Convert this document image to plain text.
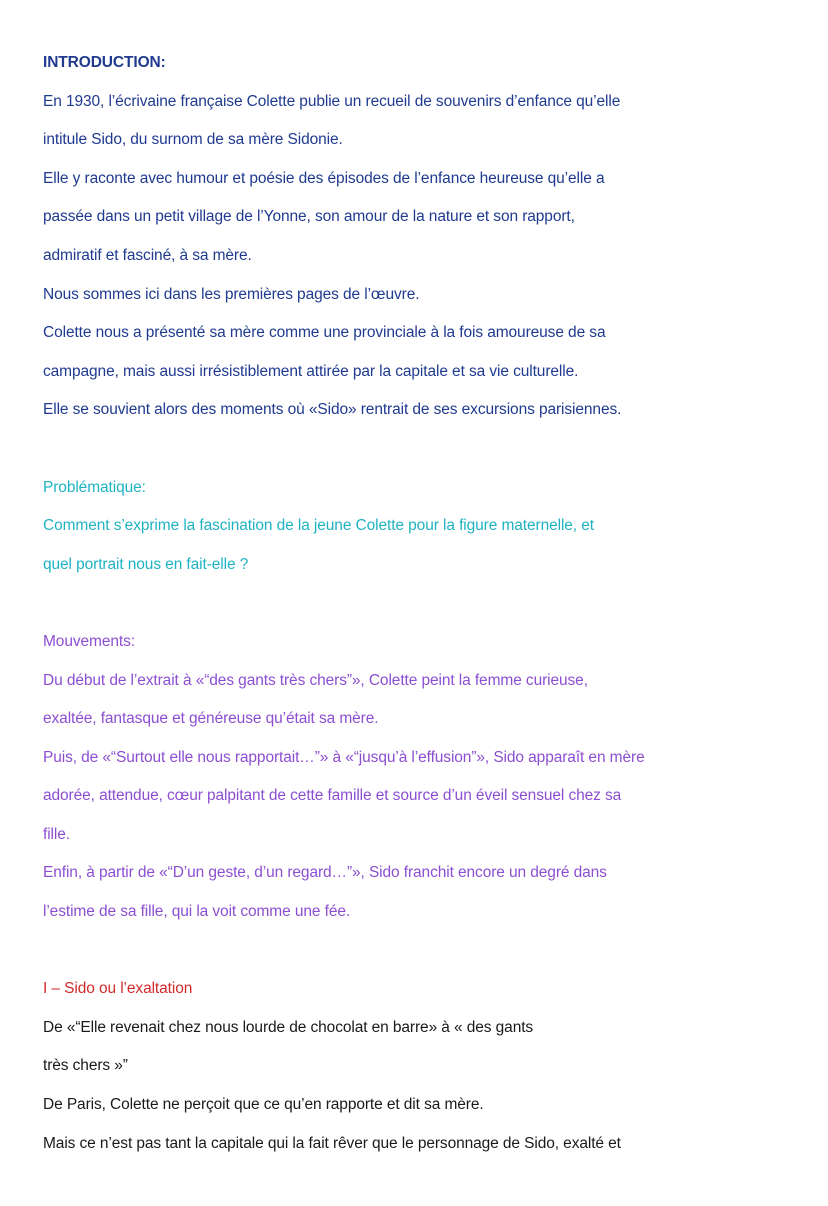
INTRODUCTION:
En 1930, l’écrivaine française Colette publie un recueil de souvenirs d’enfance qu’elle
intitule Sido, du surnom de sa mère Sidonie.
Elle y raconte avec humour et poésie des épisodes de l’enfance heureuse qu’elle a
passée dans un petit village de l’Yonne, son amour de la nature et son rapport,
admiratif et fasciné, à sa mère.
Nous sommes ici dans les premières pages de l’œuvre.
Colette nous a présenté sa mère comme une provinciale à la fois amoureuse de sa
campagne, mais aussi irrésistiblement attirée par la capitale et sa vie culturelle.
Elle se souvient alors des moments où «Sido» rentrait de ses excursions parisiennes.
Problématique:
Comment s’exprime la fascination de la jeune Colette pour la figure maternelle, et
quel portrait nous en fait-elle ?
Mouvements:
Du début de l’extrait à «“des gants très chers”», Colette peint la femme curieuse,
exaltée, fantasque et généreuse qu’était sa mère.
Puis, de «“Surtout elle nous rapportait…”» à «“jusqu’à l’effusion”», Sido apparaît en mère
adorée, attendue, cœur palpitant de cette famille et source d’un éveil sensuel chez sa
fille.
Enfin, à partir de «“D’un geste, d’un regard…”», Sido franchit encore un degré dans
l’estime de sa fille, qui la voit comme une fée.
I – Sido ou l’exaltation
De «“Elle revenait chez nous lourde de chocolat en barre» à « des gants
très chers »”
De Paris, Colette ne perçoit que ce qu’en rapporte et dit sa mère.
Mais ce n’est pas tant la capitale qui la fait rêver que le personnage de Sido, exalté et
